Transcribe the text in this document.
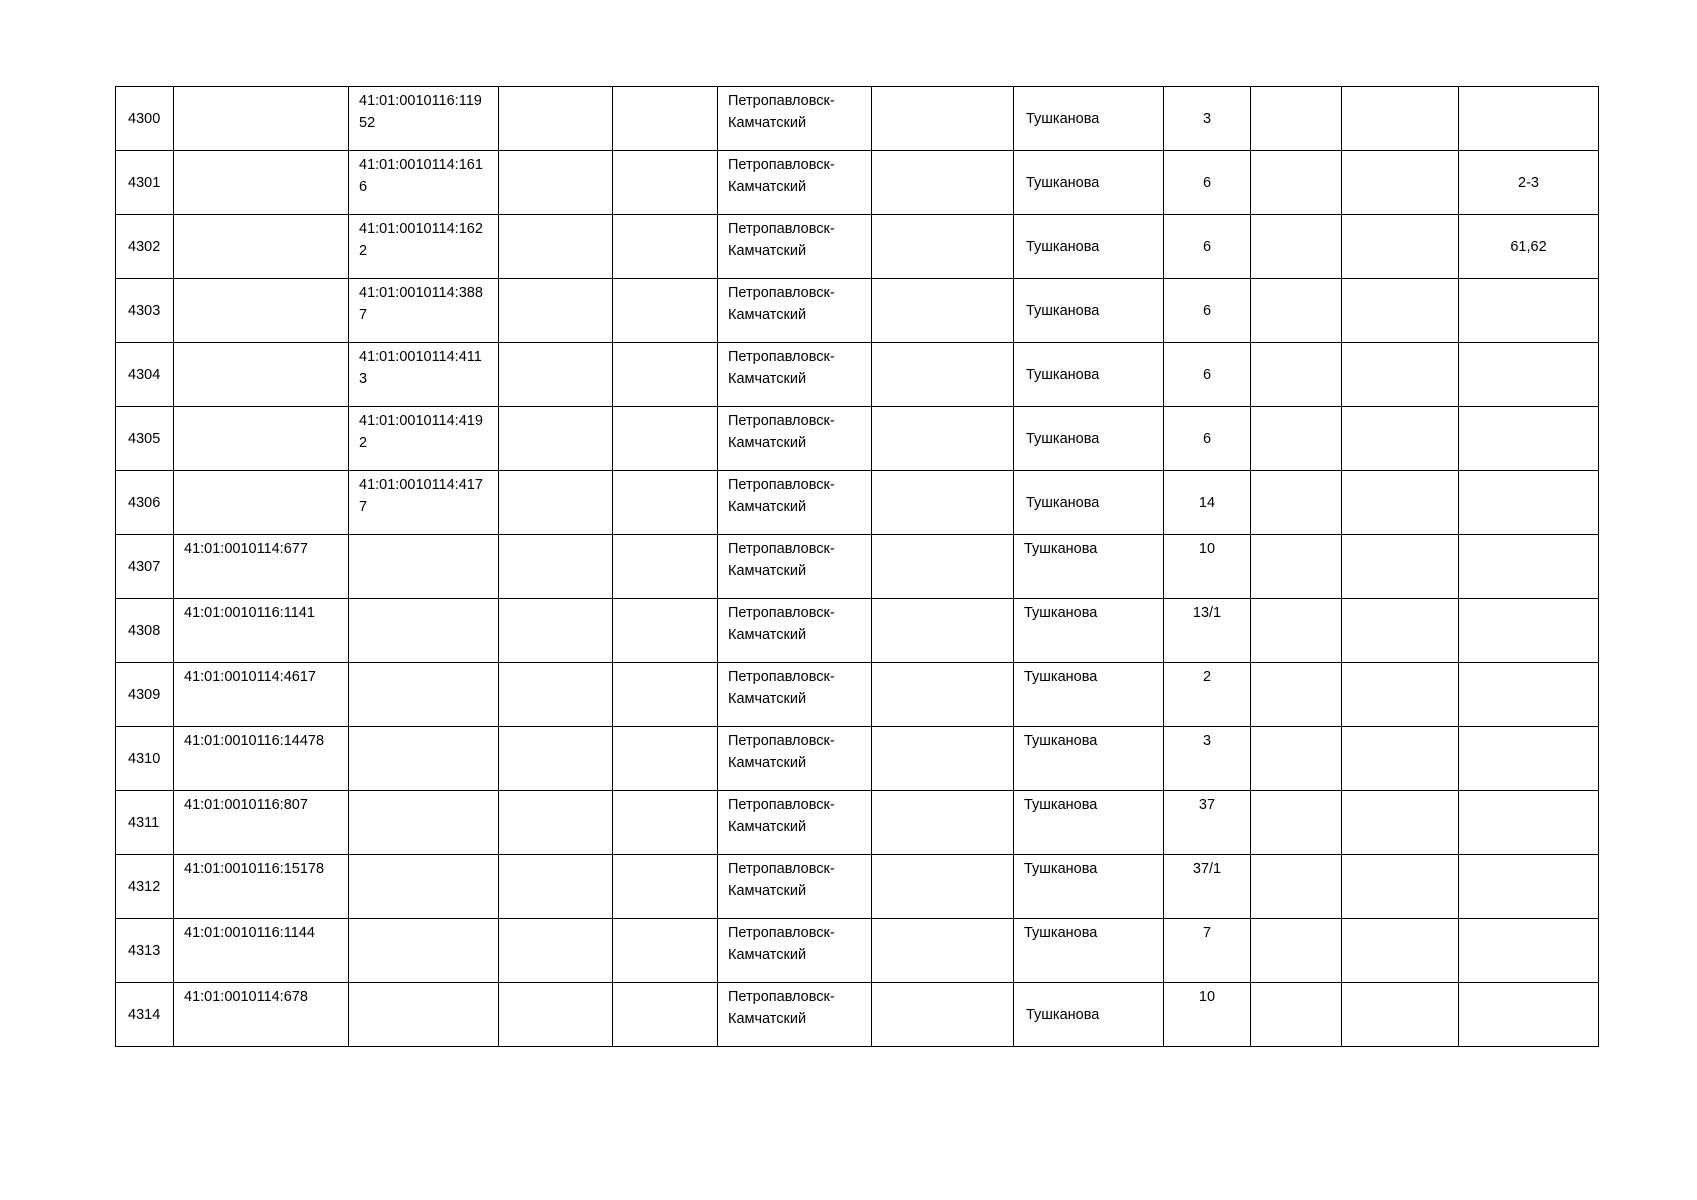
4300		41:01:0010116:11952			Петропавловск-Камчатский		Тушканова	3			
4301		41:01:0010114:1616			Петропавловск-Камчатский		Тушканова	6			2-3
4302		41:01:0010114:1622			Петропавловск-Камчатский		Тушканова	6			61,62
4303		41:01:0010114:3887			Петропавловск-Камчатский		Тушканова	6			
4304		41:01:0010114:4113			Петропавловск-Камчатский		Тушканова	6			
4305		41:01:0010114:4192			Петропавловск-Камчатский		Тушканова	6			
4306		41:01:0010114:4177			Петропавловск-Камчатский		Тушканова	14			
4307	41:01:0010114:677				Петропавловск-Камчатский		Тушканова	10			
4308	41:01:0010116:1141				Петропавловск-Камчатский		Тушканова	13/1			
4309	41:01:0010114:4617				Петропавловск-Камчатский		Тушканова	2			
4310	41:01:0010116:14478				Петропавловск-Камчатский		Тушканова	3			
4311	41:01:0010116:807				Петропавловск-Камчатский		Тушканова	37			
4312	41:01:0010116:15178				Петропавловск-Камчатский		Тушканова	37/1			
4313	41:01:0010116:1144				Петропавловск-Камчатский		Тушканова	7			
4314	41:01:0010114:678				Петропавловск-Камчатский		Тушканова	10			
